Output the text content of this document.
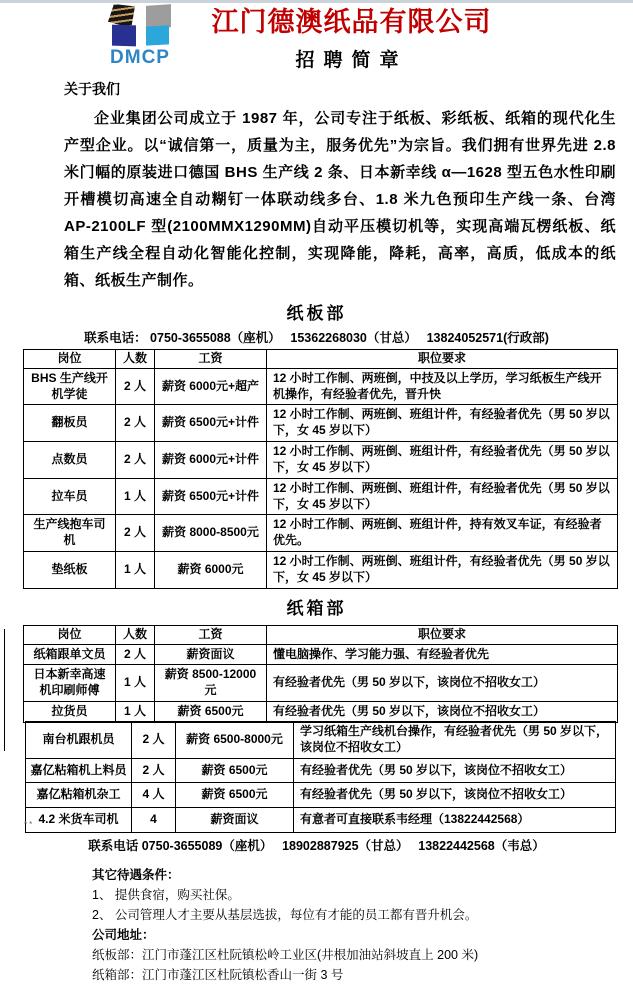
DMCP
江门德澳纸品有限公司
招聘简章
关于我们
企业集团公司成立于 1987 年，公司专注于纸板、彩纸板、纸箱的现代化生产型企业。以“诚信第一，质量为主，服务优先”为宗旨。我们拥有世界先进 2.8 米门幅的原装进口德国 BHS 生产线 2 条、日本新幸线 α—1628 型五色水性印刷开槽模切高速全自动糊钉一体联动线多台、1.8 米九色预印生产线一条、台湾 AP-2100LF 型(2100MMX1290MM)自动平压模切机等，实现高端瓦楞纸板、纸箱生产线全程自动化智能化控制，实现降能，降耗，高率，高质，低成本的纸箱、纸板生产制作。
纸板部
联系电话： 0750-3655088（座机）　 15362268030（甘总）　 13824052571(行政部)
岗位	人数	工资	职位要求
BHS 生产线开机学徒	2 人	薪资 6000元+超产	12 小时工作制、两班倒，中技及以上学历，学习纸板生产线开机操作，有经验者优先，晋升快
翻板员	2 人	薪资 6500元+计件	12 小时工作制、两班倒、班组计件，有经验者优先（男 50 岁以下，女 45 岁以下）
点数员	2 人	薪资 6000元+计件	12 小时工作制、两班倒、班组计件，有经验者优先（男 50 岁以下，女 45 岁以下）
拉车员	1 人	薪资 6500元+计件	12 小时工作制、两班倒、班组计件，有经验者优先（男 50 岁以下，女 45 岁以下）
生产线抱车司机	2 人	薪资 8000-8500元	12 小时工作制、两班倒、班组计件，持有效叉车证，有经验者优先。
垫纸板	1 人	薪资 6000元	12 小时工作制、两班倒、班组计件，有经验者优先（男 50 岁以下，女 45 岁以下）
纸箱部
岗位	人数	工资	职位要求
纸箱跟单文员	2 人	薪资面议	懂电脑操作、学习能力强、有经验者优先
日本新幸高速机印刷师傅	1 人	薪资 8500-12000元	有经验者优先（男 50 岁以下，该岗位不招收女工）
拉货员	1 人	薪资 6500元	有经验者优先（男 50 岁以下，该岗位不招收女工）
南台机跟机员	2 人	薪资 6500-8000元	学习纸箱生产线机台操作，有经验者优先（男 50 岁以下，该岗位不招收女工）
嘉亿粘箱机上料员	2 人	薪资 6500元	有经验者优先（男 50 岁以下，该岗位不招收女工）
嘉亿粘箱机杂工	4 人	薪资 6500元	有经验者优先（男 50 岁以下，该岗位不招收女工）
4.2 米货车司机	4	薪资面议	有意者可直接联系韦经理（13822442568）
联系电话 0750-3655089（座机）　 18902887925（甘总）　 13822442568（韦总）
其它待遇条件：
1、 提供食宿，购买社保。
2、 公司管理人才主要从基层选拔，每位有才能的员工都有晋升机会。
公司地址：
纸板部：江门市蓬江区杜阮镇松岭工业区(井根加油站斜坡直上 200 米)
纸箱部：江门市蓬江区杜阮镇松香山一街 3 号
**
